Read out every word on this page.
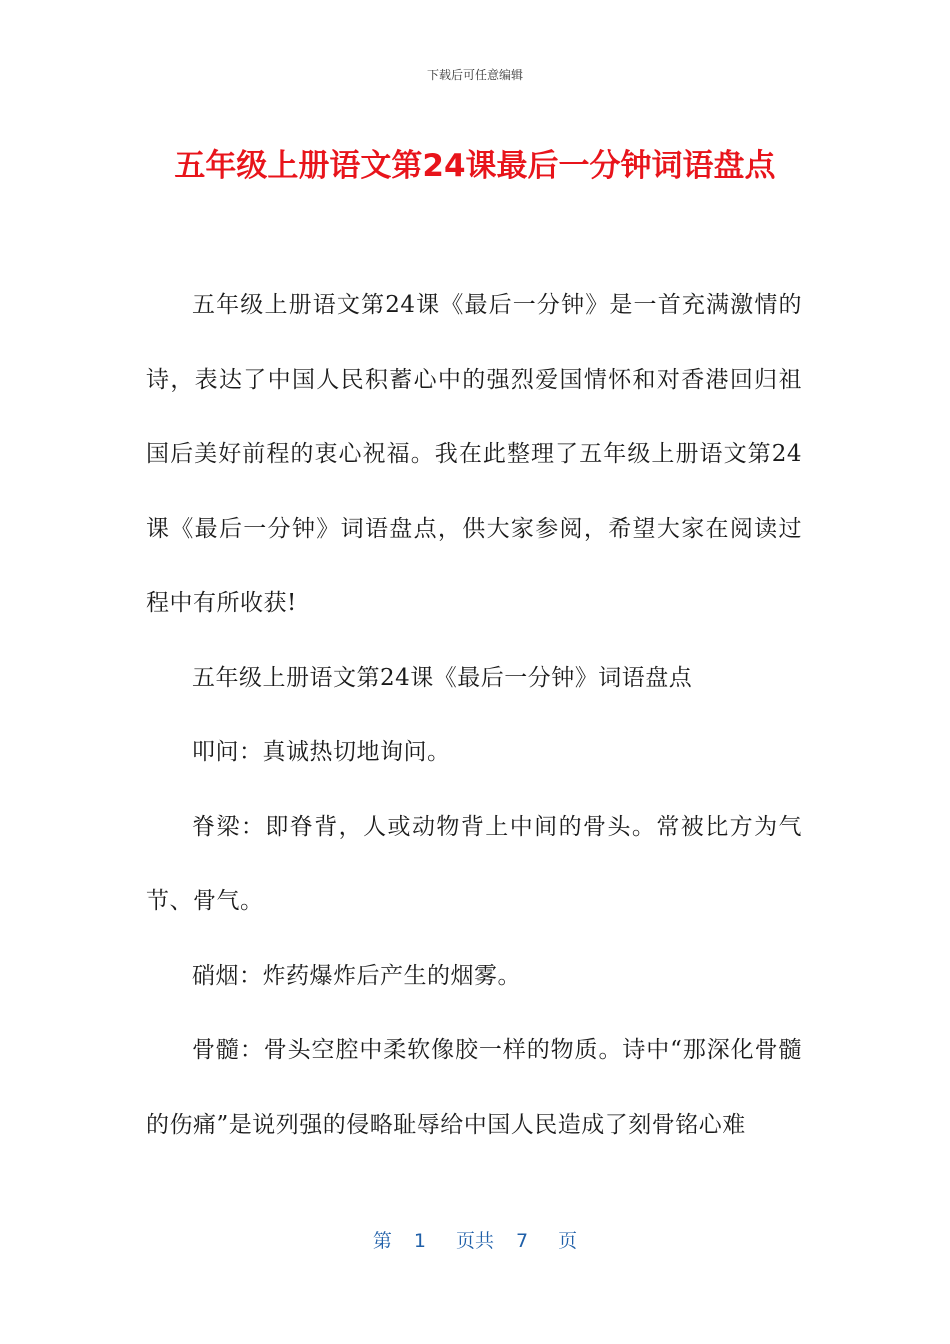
下载后可任意编辑
五年级上册语文第24课最后一分钟词语盘点

五年级上册语文第24课《最后一分钟》是一首充满激情的诗，表达了中国人民积蓄心中的强烈爱国情怀和对香港回归祖国后美好前程的衷心祝福。我在此整理了五年级上册语文第24课《最后一分钟》词语盘点，供大家参阅，希望大家在阅读过程中有所收获!

五年级上册语文第24课《最后一分钟》词语盘点

叩问：真诚热切地询问。

脊梁：即脊背，人或动物背上中间的骨头。常被比方为气节、骨气。

硝烟：炸药爆炸后产生的烟雾。

骨髓：骨头空腔中柔软像胶一样的物质。诗中“那深化骨髓的伤痛”是说列强的侵略耻辱给中国人民造成了刻骨铭心难

第 1 页共 7 页
